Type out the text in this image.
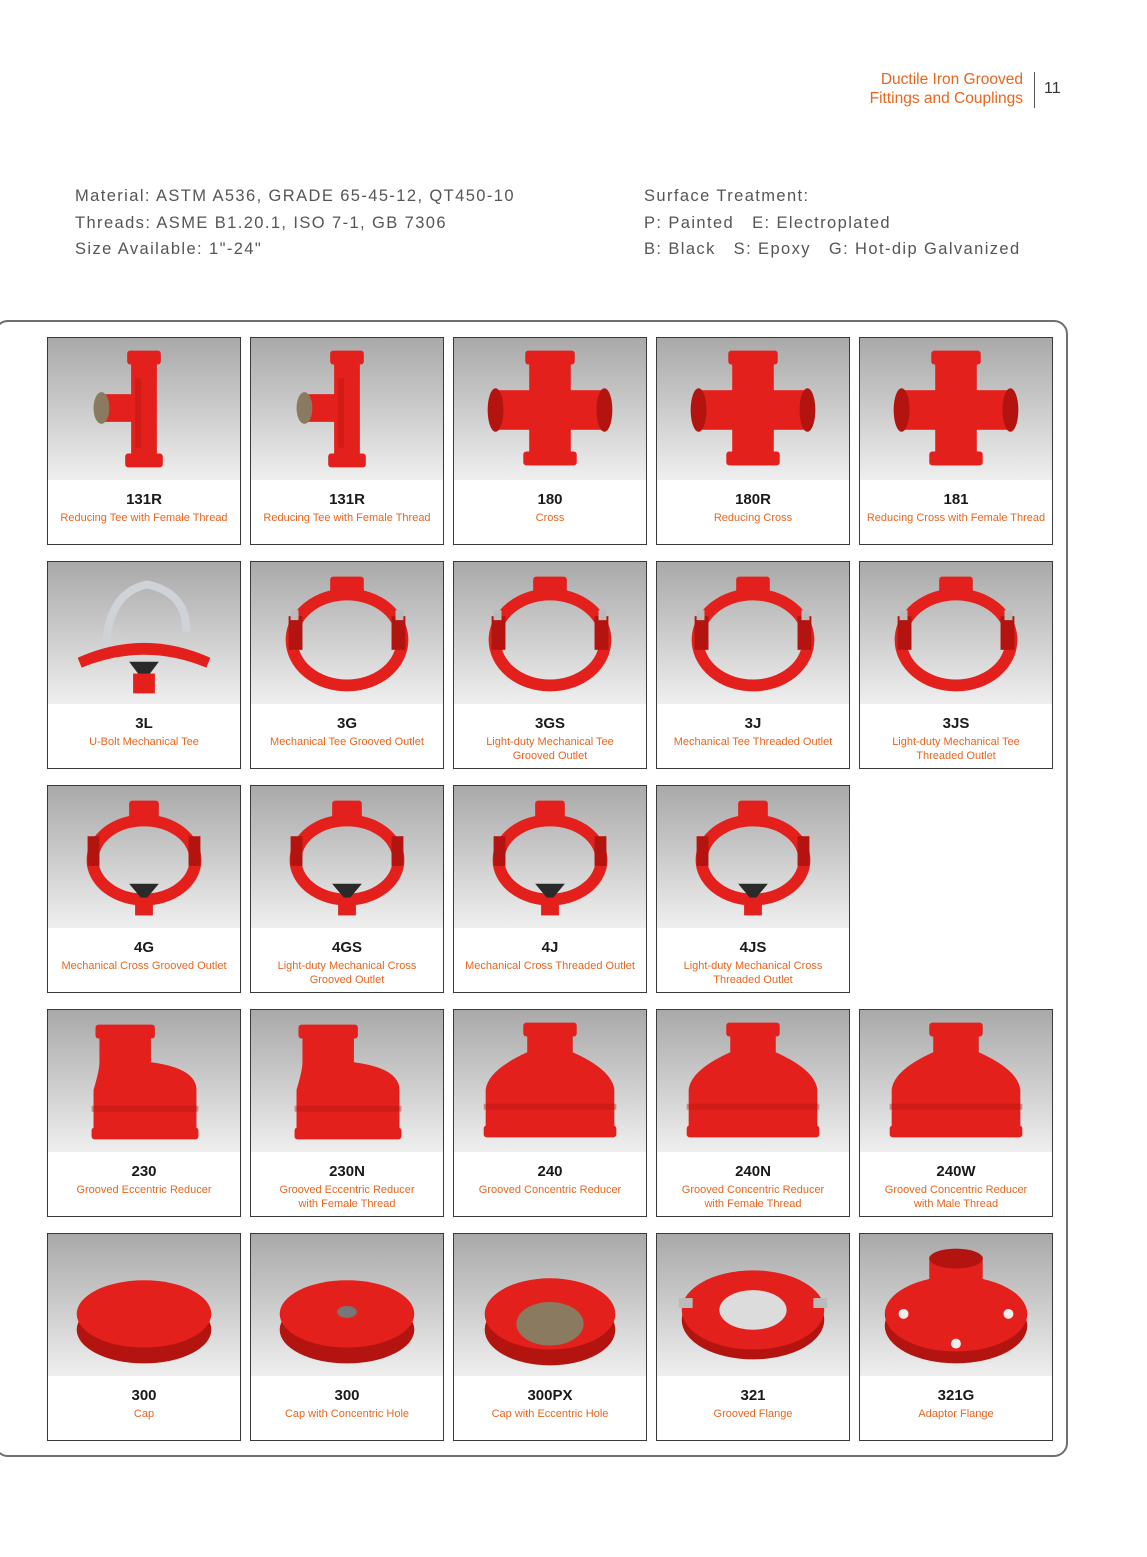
Ductile Iron Grooved
Fittings and Couplings
11
Material: ASTM A536, GRADE 65-45-12, QT450-10
Threads: ASME B1.20.1, ISO 7-1, GB 7306
Size Available: 1"-24"
Surface Treatment:
P: Painted   E: Electroplated
B: Black   S: Epoxy   G: Hot-dip Galvanized
131R
Reducing Tee with Female Thread
131R
Reducing Tee with Female Thread
180
Cross
180R
Reducing Cross
181
Reducing Cross with Female Thread
3L
U-Bolt Mechanical Tee
3G
Mechanical Tee Grooved Outlet
3GS
Light-duty Mechanical Tee
Grooved Outlet
3J
Mechanical Tee Threaded Outlet
3JS
Light-duty Mechanical Tee
Threaded Outlet
4G
Mechanical Cross Grooved Outlet
4GS
Light-duty Mechanical Cross
Grooved Outlet
4J
Mechanical Cross Threaded Outlet
4JS
Light-duty Mechanical Cross
Threaded Outlet
230
Grooved Eccentric Reducer
230N
Grooved Eccentric Reducer
with Female Thread
240
Grooved Concentric Reducer
240N
Grooved Concentric Reducer
with Female Thread
240W
Grooved Concentric Reducer
with Male Thread
300
Cap
300
Cap with Concentric Hole
300PX
Cap with Eccentric Hole
321
Grooved Flange
321G
Adaptor Flange
